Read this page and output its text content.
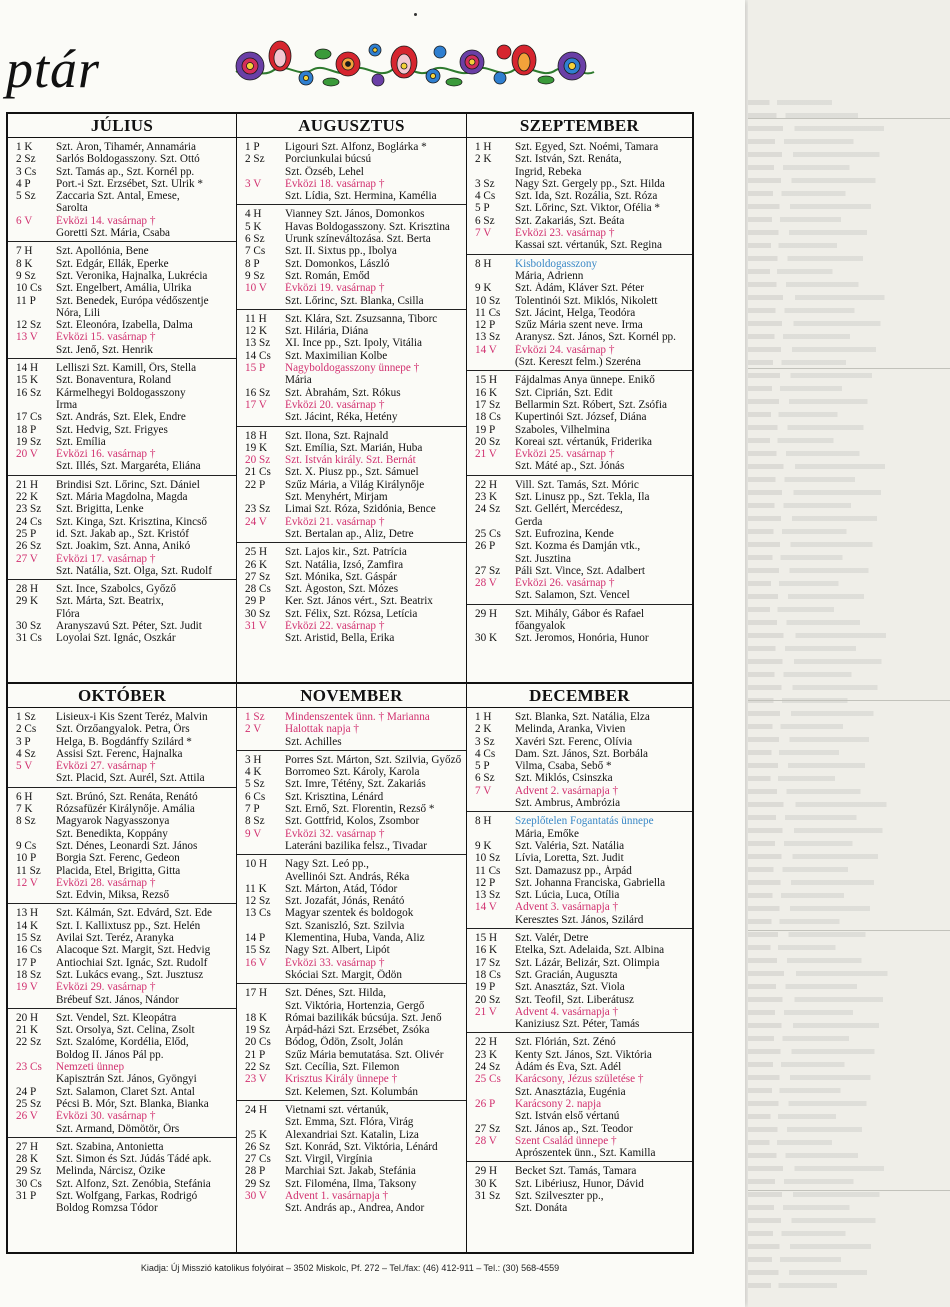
ptár
JÚLIUS
1 K	Szt. Áron, Tihamér, Annamária
2 Sz	Sarlós Boldogasszony. Szt. Ottó
3 Cs	Szt. Tamás ap., Szt. Kornél pp.
4 P	Port.-i Szt. Erzsébet, Szt. Ulrik *
5 Sz	Zaccaria Szt. Antal, Emese,
Sarolta
6 V	Évközi 14. vasárnap †
Goretti Szt. Mária, Csaba
7 H	Szt. Apollónia, Bene
8 K	Szt. Edgár, Ellák, Eperke
9 Sz	Szt. Veronika, Hajnalka, Lukrécia
10 Cs	Szt. Engelbert, Amália, Ulrika
11 P	Szt. Benedek, Európa védőszentje
Nóra, Lili
12 Sz	Szt. Eleonóra, Izabella, Dalma
13 V	Évközi 15. vasárnap †
Szt. Jenő, Szt. Henrik
14 H	Lelliszi Szt. Kamill, Örs, Stella
15 K	Szt. Bonaventura, Roland
16 Sz	Kármelhegyi Boldogasszony
Irma
17 Cs	Szt. András, Szt. Elek, Endre
18 P	Szt. Hedvig, Szt. Frigyes
19 Sz	Szt. Emília
20 V	Évközi 16. vasárnap †
Szt. Illés, Szt. Margaréta, Eliána
21 H	Brindisi Szt. Lőrinc, Szt. Dániel
22 K	Szt. Mária Magdolna, Magda
23 Sz	Szt. Brigitta, Lenke
24 Cs	Szt. Kinga, Szt. Krisztina, Kincső
25 P	id. Szt. Jakab ap., Szt. Kristóf
26 Sz	Szt. Joakim, Szt. Anna, Anikó
27 V	Évközi 17. vasárnap †
Szt. Natália, Szt. Olga, Szt. Rudolf
28 H	Szt. Ince, Szabolcs, Győző
29 K	Szt. Márta, Szt. Beatrix,
Flóra
30 Sz	Aranyszavú Szt. Péter, Szt. Judit
31 Cs	Loyolai Szt. Ignác, Oszkár
AUGUSZTUS
1 P	Ligouri Szt. Alfonz, Boglárka *
2 Sz	Porciunkulai búcsú
Szt. Özséb, Lehel
3 V	Évközi 18. vasárnap †
Szt. Lídia, Szt. Hermina, Kamélia
4 H	Vianney Szt. János, Domonkos
5 K	Havas Boldogasszony. Szt. Krisztina
6 Sz	Urunk színeváltozása. Szt. Berta
7 Cs	Szt. II. Sixtus pp., Ibolya
8 P	Szt. Domonkos, László
9 Sz	Szt. Román, Emőd
10 V	Évközi 19. vasárnap †
Szt. Lőrinc, Szt. Blanka, Csilla
11 H	Szt. Klára, Szt. Zsuzsanna, Tiborc
12 K	Szt. Hilária, Diána
13 Sz	XI. Ince pp., Szt. Ipoly, Vitália
14 Cs	Szt. Maximilian Kolbe
15 P	Nagyboldogasszony ünnepe †
Mária
16 Sz	Szt. Ábrahám, Szt. Rókus
17 V	Évközi 20. vasárnap †
Szt. Jácint, Réka, Hetény
18 H	Szt. Ilona, Szt. Rajnald
19 K	Szt. Emília, Szt. Marián, Huba
20 Sz	Szt. István király. Szt. Bernát
21 Cs	Szt. X. Piusz pp., Szt. Sámuel
22 P	Szűz Mária, a Világ Királynője
Szt. Menyhért, Mirjam
23 Sz	Limai Szt. Róza, Szidónia, Bence
24 V	Évközi 21. vasárnap †
Szt. Bertalan ap., Aliz, Detre
25 H	Szt. Lajos kir., Szt. Patrícia
26 K	Szt. Natália, Izsó, Zamfira
27 Sz	Szt. Mónika, Szt. Gáspár
28 Cs	Szt. Ágoston, Szt. Mózes
29 P	Ker. Szt. János vért., Szt. Beatrix
30 Sz	Szt. Félix, Szt. Rózsa, Letícia
31 V	Évközi 22. vasárnap †
Szt. Aristid, Bella, Erika
SZEPTEMBER
1 H	Szt. Egyed, Szt. Noémi, Tamara
2 K	Szt. István, Szt. Renáta,
Ingrid, Rebeka
3 Sz	Nagy Szt. Gergely pp., Szt. Hilda
4 Cs	Szt. Ida, Szt. Rozália, Szt. Róza
5 P	Szt. Lőrinc, Szt. Viktor, Ofélia *
6 Sz	Szt. Zakariás, Szt. Beáta
7 V	Évközi 23. vasárnap †
Kassai szt. vértanúk, Szt. Regina
8 H	Kisboldogasszony
Mária, Adrienn
9 K	Szt. Ádám, Kláver Szt. Péter
10 Sz	Tolentinói Szt. Miklós, Nikolett
11 Cs	Szt. Jácint, Helga, Teodóra
12 P	Szűz Mária szent neve. Irma
13 Sz	Aranysz. Szt. János, Szt. Kornél pp.
14 V	Évközi 24. vasárnap †
(Szt. Kereszt felm.) Szeréna
15 H	Fájdalmas Anya ünnepe. Enikő
16 K	Szt. Ciprián, Szt. Edit
17 Sz	Bellarmin Szt. Róbert, Szt. Zsófia
18 Cs	Kupertinói Szt. József, Diána
19 P	Szaboles, Vilhelmina
20 Sz	Koreai szt. vértanúk, Friderika
21 V	Évközi 25. vasárnap †
Szt. Máté ap., Szt. Jónás
22 H	Vill. Szt. Tamás, Szt. Móric
23 K	Szt. Linusz pp., Szt. Tekla, Ila
24 Sz	Szt. Gellért, Mercédesz,
Gerda
25 Cs	Szt. Eufrozina, Kende
26 P	Szt. Kozma és Damján vtk.,
Szt. Jusztina
27 Sz	Páli Szt. Vince, Szt. Adalbert
28 V	Évközi 26. vasárnap †
Szt. Salamon, Szt. Vencel
29 H	Szt. Mihály, Gábor és Rafael
főangyalok
30 K	Szt. Jeromos, Honória, Hunor
OKTÓBER
1 Sz	Lisieux-i Kis Szent Teréz, Malvin
2 Cs	Szt. Őrzőangyalok. Petra, Örs
3 P	Helga, B. Bogdánffy Szilárd *
4 Sz	Assisi Szt. Ferenc, Hajnalka
5 V	Évközi 27. vasárnap †
Szt. Placid, Szt. Aurél, Szt. Attila
6 H	Szt. Brúnó, Szt. Renáta, Renátó
7 K	Rózsafüzér Királynője. Amália
8 Sz	Magyarok Nagyasszonya
Szt. Benedikta, Koppány
9 Cs	Szt. Dénes, Leonardi Szt. János
10 P	Borgia Szt. Ferenc, Gedeon
11 Sz	Placida, Etel, Brigitta, Gitta
12 V	Évközi 28. vasárnap †
Szt. Edvin, Miksa, Rezső
13 H	Szt. Kálmán, Szt. Edvárd, Szt. Ede
14 K	Szt. I. Kallixtusz pp., Szt. Helén
15 Sz	Avilai Szt. Teréz, Aranyka
16 Cs	Alacoque Szt. Margit, Szt. Hedvig
17 P	Antiochiai Szt. Ignác, Szt. Rudolf
18 Sz	Szt. Lukács evang., Szt. Jusztusz
19 V	Évközi 29. vasárnap †
Brébeuf Szt. János, Nándor
20 H	Szt. Vendel, Szt. Kleopátra
21 K	Szt. Orsolya, Szt. Celina, Zsolt
22 Sz	Szt. Szalóme, Kordélia, Előd,
Boldog II. János Pál pp.
23 Cs	Nemzeti ünnep
Kapisztrán Szt. János, Gyöngyi
24 P	Szt. Salamon, Claret Szt. Antal
25 Sz	Pécsi B. Mór, Szt. Blanka, Bianka
26 V	Évközi 30. vasárnap †
Szt. Armand, Dömötör, Örs
27 H	Szt. Szabina, Antonietta
28 K	Szt. Simon és Szt. Júdás Tádé apk.
29 Sz	Melinda, Nárcisz, Őzike
30 Cs	Szt. Alfonz, Szt. Zenóbia, Stefánia
31 P	Szt. Wolfgang, Farkas, Rodrigó
Boldog Romzsa Tódor
NOVEMBER
1 Sz	Mindenszentek ünn. † Marianna
2 V	Halottak napja †
Szt. Achilles
3 H	Porres Szt. Márton, Szt. Szilvia, Győző
4 K	Borromeo Szt. Károly, Karola
5 Sz	Szt. Imre, Tétény, Szt. Zakariás
6 Cs	Szt. Krisztina, Lénárd
7 P	Szt. Ernő, Szt. Florentin, Rezső *
8 Sz	Szt. Gottfrid, Kolos, Zsombor
9 V	Évközi 32. vasárnap †
Lateráni bazilika felsz., Tivadar
10 H	Nagy Szt. Leó pp.,
Avellinói Szt. András, Réka
11 K	Szt. Márton, Atád, Tódor
12 Sz	Szt. Jozafát, Jónás, Renátó
13 Cs	Magyar szentek és boldogok
Szt. Szaniszló, Szt. Szilvia
14 P	Klementina, Huba, Vanda, Aliz
15 Sz	Nagy Szt. Albert, Lipót
16 V	Évközi 33. vasárnap †
Skóciai Szt. Margit, Ödön
17 H	Szt. Dénes, Szt. Hilda,
Szt. Viktória, Hortenzia, Gergő
18 K	Római bazilikák búcsúja. Szt. Jenő
19 Sz	Árpád-házi Szt. Erzsébet, Zsóka
20 Cs	Bódog, Ödön, Zsolt, Jolán
21 P	Szűz Mária bemutatása. Szt. Olivér
22 Sz	Szt. Cecília, Szt. Filemon
23 V	Krisztus Király ünnepe †
Szt. Kelemen, Szt. Kolumbán
24 H	Vietnami szt. vértanúk,
Szt. Emma, Szt. Flóra, Virág
25 K	Alexandriai Szt. Katalin, Liza
26 Sz	Szt. Konrád, Szt. Viktória, Lénárd
27 Cs	Szt. Virgil, Virgínia
28 P	Marchiai Szt. Jakab, Stefánia
29 Sz	Szt. Filoména, Ilma, Taksony
30 V	Advent 1. vasárnapja †
Szt. András ap., Andrea, Andor
DECEMBER
1 H	Szt. Blanka, Szt. Natália, Elza
2 K	Melinda, Aranka, Vivien
3 Sz	Xavéri Szt. Ferenc, Olívia
4 Cs	Dam. Szt. János, Szt. Borbála
5 P	Vilma, Csaba, Sebő *
6 Sz	Szt. Miklós, Csinszka
7 V	Advent 2. vasárnapja †
Szt. Ambrus, Ambrózia
8 H	Szeplőtelen Fogantatás ünnepe
Mária, Emőke
9 K	Szt. Valéria, Szt. Natália
10 Sz	Lívia, Loretta, Szt. Judit
11 Cs	Szt. Damazusz pp., Árpád
12 P	Szt. Johanna Franciska, Gabriella
13 Sz	Szt. Lúcia, Luca, Otília
14 V	Advent 3. vasárnapja †
Keresztes Szt. János, Szilárd
15 H	Szt. Valér, Detre
16 K	Etelka, Szt. Adelaida, Szt. Albina
17 Sz	Szt. Lázár, Belizár, Szt. Olimpia
18 Cs	Szt. Gracián, Auguszta
19 P	Szt. Anasztáz, Szt. Viola
20 Sz	Szt. Teofil, Szt. Liberátusz
21 V	Advent 4. vasárnapja †
Kaniziusz Szt. Péter, Tamás
22 H	Szt. Flórián, Szt. Zénó
23 K	Kenty Szt. János, Szt. Viktória
24 Sz	Ádám és Éva, Szt. Adél
25 Cs	Karácsony, Jézus születése †
Szt. Anasztázia, Eugénia
26 P	Karácsony 2. napja
Szt. István első vértanú
27 Sz	Szt. János ap., Szt. Teodor
28 V	Szent Család ünnepe †
Aprószentek ünn., Szt. Kamilla
29 H	Becket Szt. Tamás, Tamara
30 K	Szt. Libériusz, Hunor, Dávid
31 Sz	Szt. Szilveszter pp.,
Szt. Donáta
Kiadja: Új Misszió katolikus folyóirat – 3502 Miskolc, Pf. 272 – Tel./fax: (46) 412-911 – Tel.: (30) 568-4559
